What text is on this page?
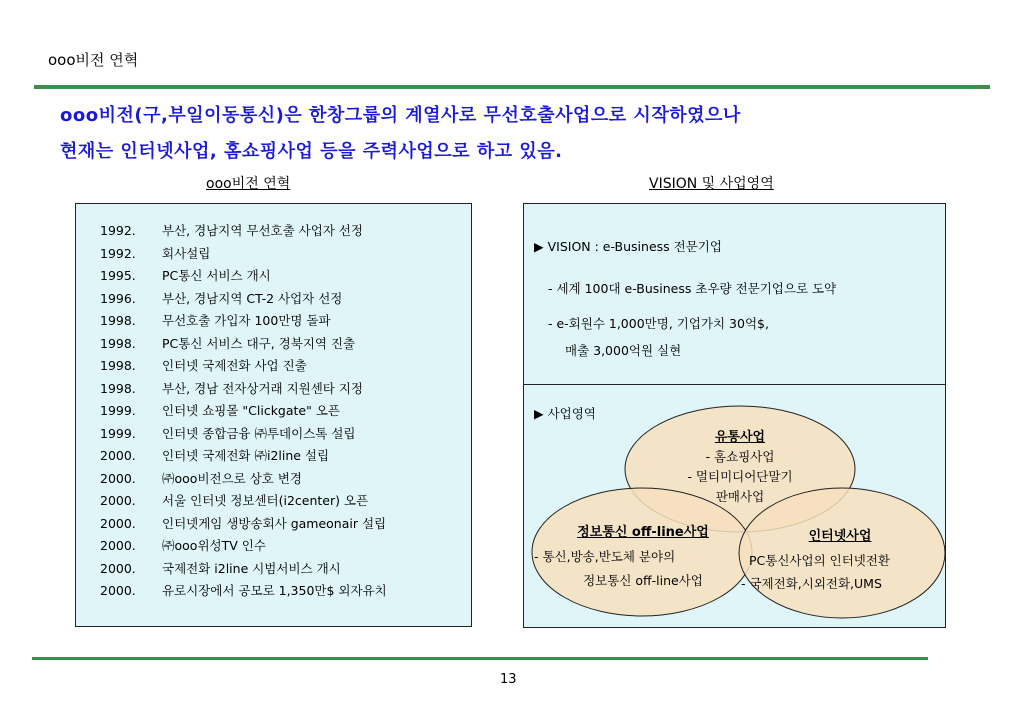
ooo비전 연혁
ooo비전(구,부일이동통신)은 한창그룹의 계열사로 무선호출사업으로 시작하였으나
현재는 인터넷사업, 홈쇼핑사업 등을 주력사업으로 하고 있음.
ooo비전 연혁	VISION 및 사업영역
1992.	부산, 경남지역 무선호출 사업자 선정
1992.	회사설립
1995.	PC통신 서비스 개시
1996.	부산, 경남지역 CT-2 사업자 선정
1998.	무선호출 가입자 100만명 돌파
1998.	PC통신 서비스 대구, 경북지역 진출
1998.	인터넷 국제전화 사업 진출
1998.	부산, 경남 전자상거래 지원센타 지정
1999.	인터넷 쇼핑몰 "Clickgate" 오픈
1999.	인터넷 종합금융 ㈜투데이스톡 설립
2000.	인터넷 국제전화 ㈜i2line 설립
2000.	㈜ooo비전으로 상호 변경
2000.	서울 인터넷 정보센터(i2center) 오픈
2000.	인터넷게임 생방송회사 gameonair 설립
2000.	㈜ooo위성TV 인수
2000.	국제전화 i2line 시범서비스 개시
2000.	유로시장에서 공모로 1,350만$ 외자유치
▶ VISION : e-Business 전문기업
- 세계 100대 e-Business 초우량 전문기업으로 도약
- e-회원수 1,000만명, 기업가치 30억$,
매출 3,000억원 실현
▶ 사업영역
유통사업
- 홈쇼핑사업
- 멀티미디어단말기
판매사업
정보통신 off-line사업
- 통신,방송,반도체 분야의
정보통신 off-line사업
인터넷사업
PC통신사업의 인터넷전환
- 국제전화,시외전화,UMS
13
